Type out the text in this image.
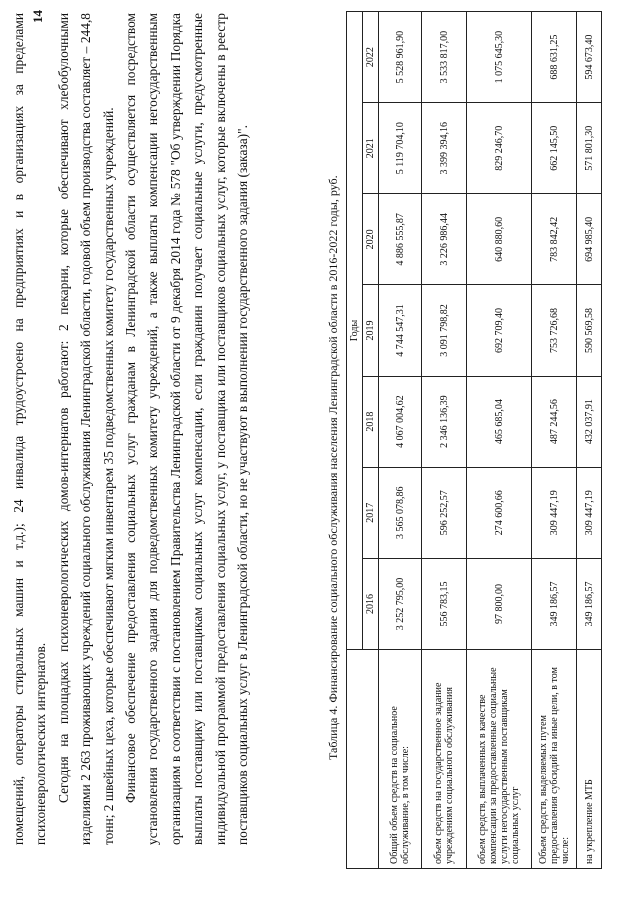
14
помещений, операторы стиральных машин и т.д.); 24 инвалида трудоустроено на предприятиях и в организациях за пределами психоневрологических интернатов. Сегодня на площадках психоневрологических домов-интернатов работают: 2 пекарни, которые обеспечивают хлебобулочными изделиями 2 263 проживающих учреждений социального обслуживания Ленинградской области, годовой объем производства составляет – 244,8 тонн; 2 швейных цеха, которые обеспечивают мягким инвентарем 35 подведомственных комитету государственных учреждений. Финансовое обеспечение предоставления социальных услуг гражданам в Ленинградской области осуществляется посредством установления государственного задания для подведомственных комитету учреждений, а также выплаты компенсации негосударственным организациям в соответствии с постановлением Правительства Ленинградской области от 9 декабря 2014 года № 578 "Об утверждении Порядка выплаты поставщику или поставщикам социальных услуг компенсации, если гражданин получает социальные услуги, предусмотренные индивидуальной программой предоставления социальных услуг, у поставщика или поставщиков социальных услуг, которые включены в реестр поставщиков социальных услуг в Ленинградской области, но не участвуют в выполнении государственного задания (заказа)".	Таблица 4. Финансирование социального обслуживания населения Ленинградской области в 2016-2022 годы, руб.
	Годы						
	2016	2017	2018	2019	2020	2021	2022
Общий объем средств на социальное обслуживание, в том числе:	3 252 795,00	3 565 078,86	4 067 004,62	4 744 547,31	4 886 555,87	5 119 704,10	5 528 961,90
объем средств на государственное задание учреждениям социального обслуживания	556 783,15	596 252,57	2 346 136,39	3 091 798,82	3 226 986,44	3 399 394,16	3 533 817,00
объем средств, выплаченных в качестве компенсации за предоставленные социальные услуги негосударственным поставщикам социальных услуг	97 800,00	274 600,66	465 685,04	692 709,40	640 880,60	829 246,70	1 075 645,30
Объем средств, выделяемых путем предоставления субсидий на иные цели, в том числе:	349 186,57	309 447,19	487 244,56	753 726,68	783 842,42	662 145,50	688 631,25
на укрепление МТБ	349 186,57	309 447,19	432 037,91	590 569,58	694 985,40	571 801,30	594 673,40
